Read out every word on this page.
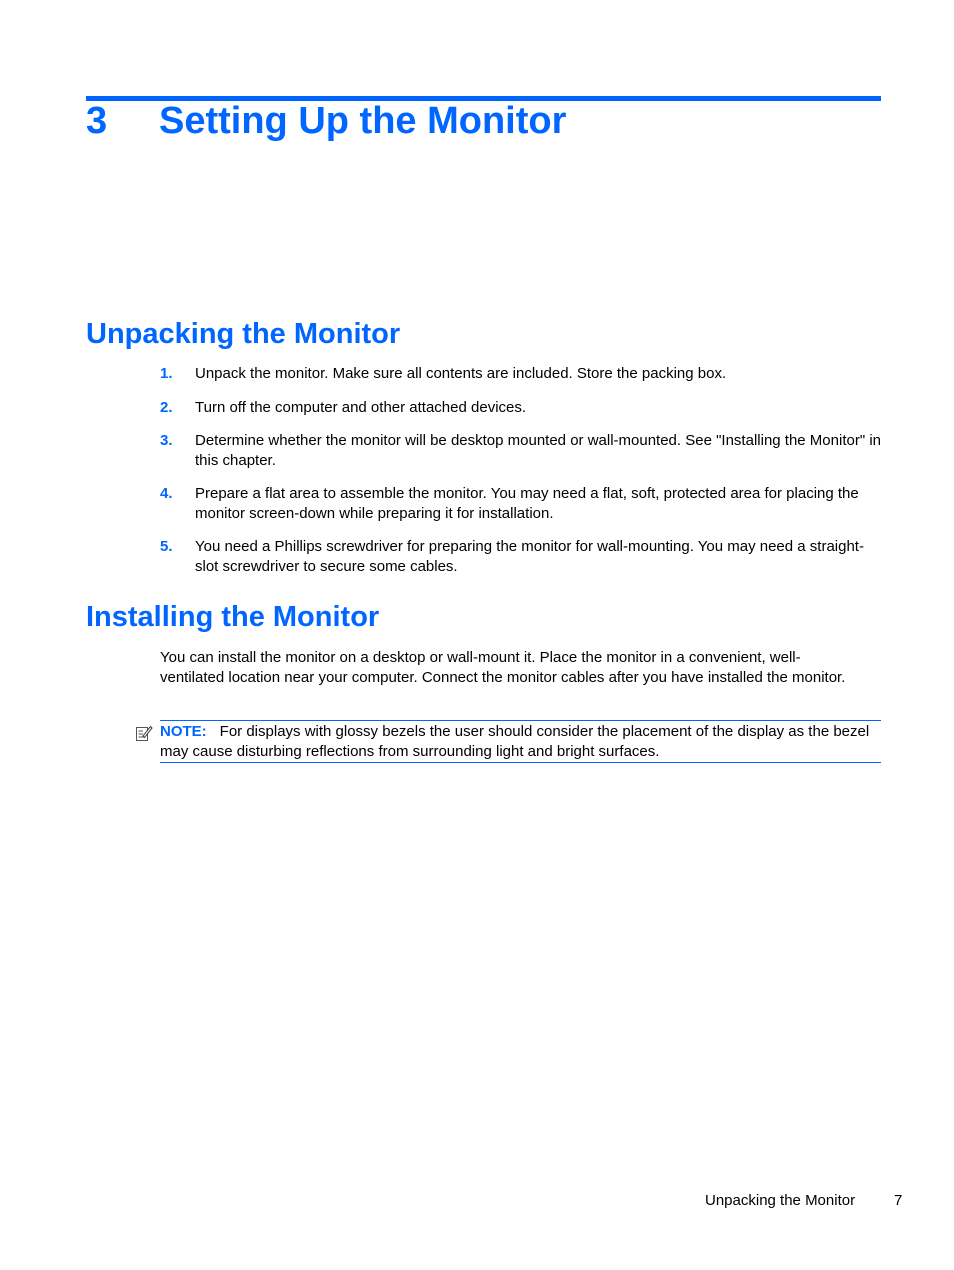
3 Setting Up the Monitor
Unpacking the Monitor
1. Unpack the monitor. Make sure all contents are included. Store the packing box.
2. Turn off the computer and other attached devices.
3. Determine whether the monitor will be desktop mounted or wall-mounted. See "Installing the Monitor" in this chapter.
4. Prepare a flat area to assemble the monitor. You may need a flat, soft, protected area for placing the monitor screen-down while preparing it for installation.
5. You need a Phillips screwdriver for preparing the monitor for wall-mounting. You may need a straight-slot screwdriver to secure some cables.
Installing the Monitor

You can install the monitor on a desktop or wall-mount it. Place the monitor in a convenient, well-ventilated location near your computer. Connect the monitor cables after you have installed the monitor.

NOTE: For displays with glossy bezels the user should consider the placement of the display as the bezel may cause disturbing reflections from surrounding light and bright surfaces.
Unpacking the Monitor	7
